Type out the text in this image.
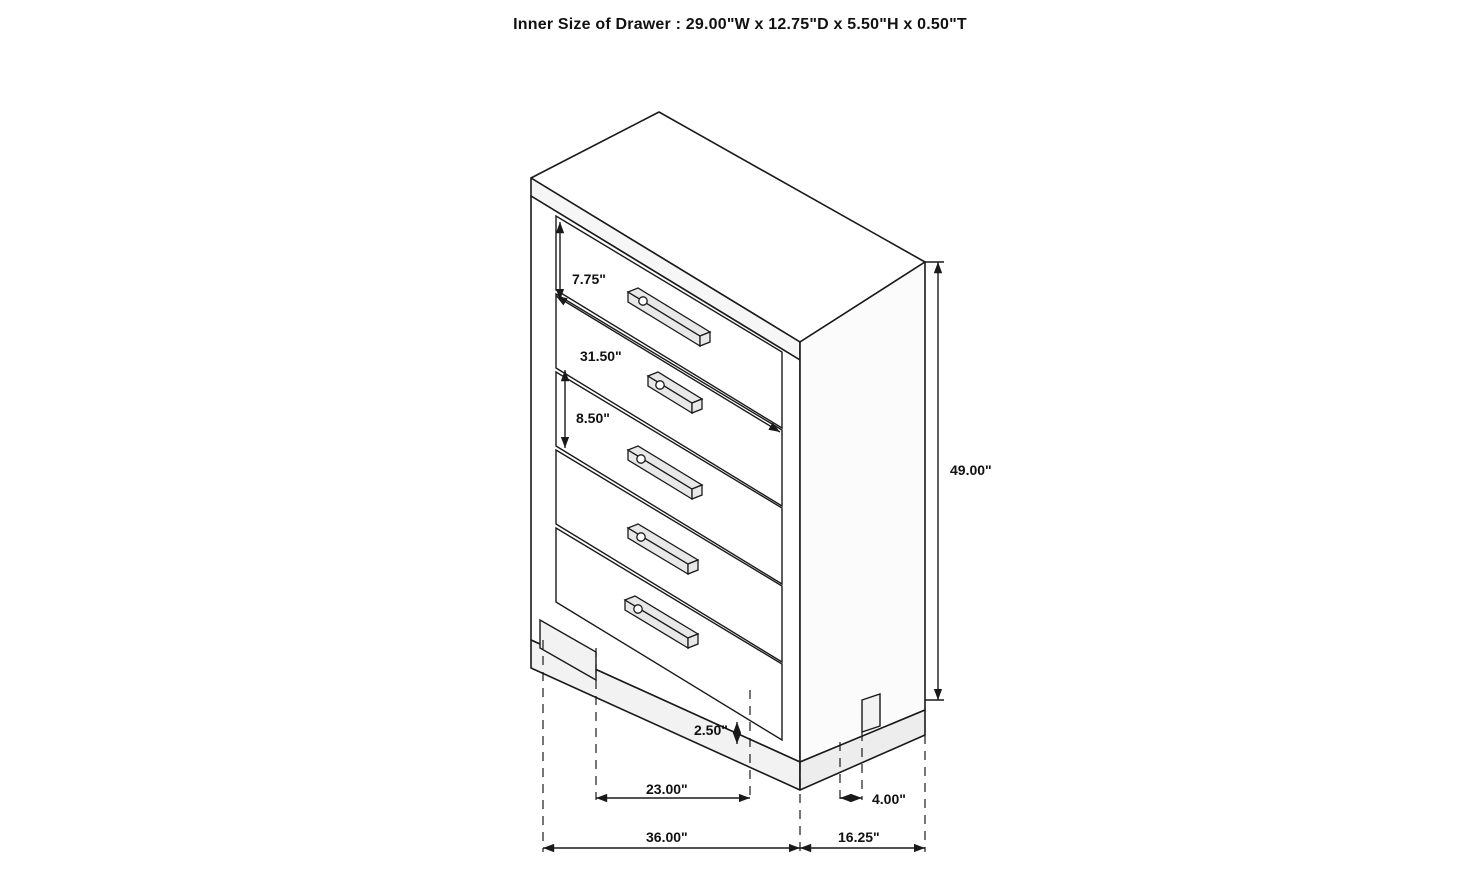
Inner Size of Drawer : 29.00"W x 12.75"D x 5.50"H x 0.50"T
7.75"
31.50"
8.50"
49.00"
2.50"
23.00"
4.00"
36.00"	16.25"
